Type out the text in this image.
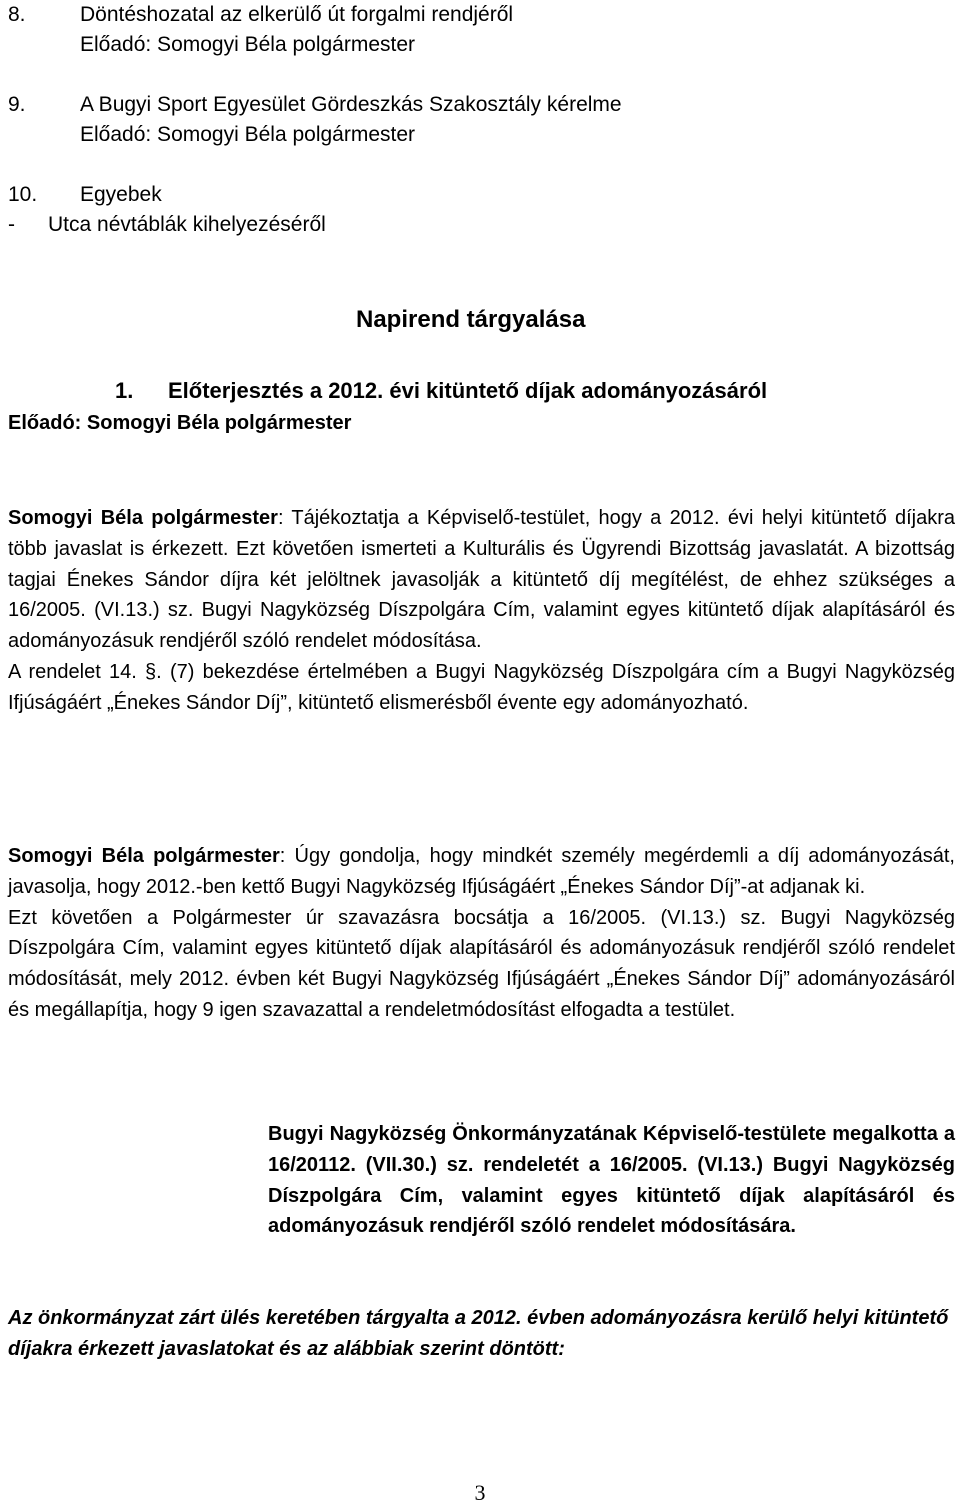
8.	Döntéshozatal az elkerülő út forgalmi rendjéről
Előadó: Somogyi Béla polgármester
9.	A Bugyi Sport Egyesület Gördeszkás Szakosztály kérelme
Előadó: Somogyi Béla polgármester
10.	Egyebek
-	Utca névtáblák kihelyezéséről
Napirend tárgyalása
1. Előterjesztés a 2012. évi kitüntető díjak adományozásáról
Előadó: Somogyi Béla polgármester
Somogyi Béla polgármester: Tájékoztatja a Képviselő-testület, hogy a 2012. évi helyi kitüntető díjakra több javaslat is érkezett. Ezt követően ismerteti a Kulturális és Ügyrendi Bizottság javaslatát. A bizottság tagjai Énekes Sándor díjra két jelöltnek javasolják a kitüntető díj megítélést, de ehhez szükséges a 16/2005. (VI.13.) sz. Bugyi Nagyközség Díszpolgára Cím, valamint egyes kitüntető díjak alapításáról és adományozásuk rendjéről szóló rendelet módosítása.
A rendelet 14. §. (7) bekezdése értelmében a Bugyi Nagyközség Díszpolgára cím a Bugyi Nagyközség Ifjúságáért „Énekes Sándor Díj”, kitüntető elismerésből évente egy adományozható.
Somogyi Béla polgármester: Úgy gondolja, hogy mindkét személy megérdemli a díj adományozását, javasolja, hogy 2012.-ben kettő Bugyi Nagyközség Ifjúságáért „Énekes Sándor Díj”-at adjanak ki.
Ezt követően a Polgármester úr szavazásra bocsátja a 16/2005. (VI.13.) sz. Bugyi Nagyközség Díszpolgára Cím, valamint egyes kitüntető díjak alapításáról és adományozásuk rendjéről szóló rendelet módosítását, mely 2012. évben két Bugyi Nagyközség Ifjúságáért „Énekes Sándor Díj” adományozásáról és megállapítja, hogy 9 igen szavazattal a rendeletmódosítást elfogadta a testület.
Bugyi Nagyközség Önkormányzatának Képviselő-testülete megalkotta a 16/20112. (VII.30.) sz. rendeletét a 16/2005. (VI.13.) Bugyi Nagyközség Díszpolgára Cím, valamint egyes kitüntető díjak alapításáról és adományozásuk rendjéről szóló rendelet módosítására.
Az önkormányzat zárt ülés keretében tárgyalta a 2012. évben adományozásra kerülő helyi kitüntető díjakra érkezett javaslatokat és az alábbiak szerint döntött:
3
